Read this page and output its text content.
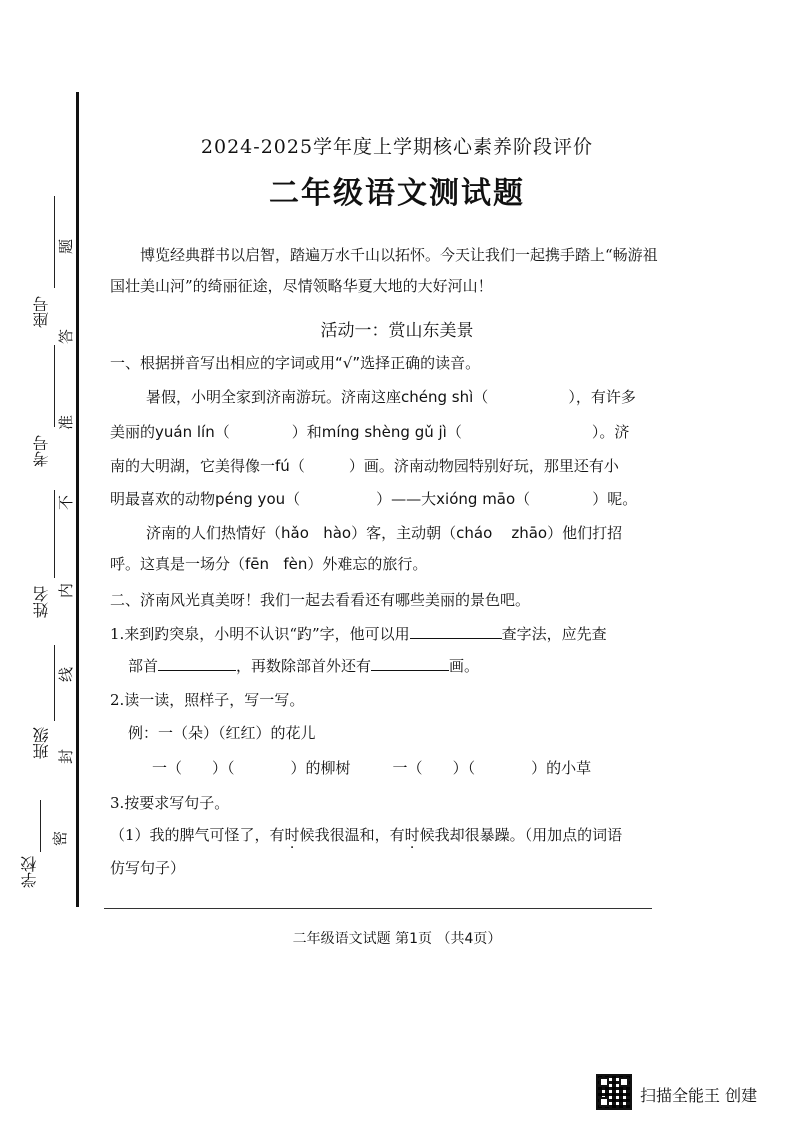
座号
考号
姓名
班级
学校
题
答
准
不
内
线
封
密
2024-2025学年度上学期核心素养阶段评价
二年级语文测试题
博览经典群书以启智，踏遍万水千山以拓怀。今天让我们一起携手踏上“畅游祖国壮美山河”的绮丽征途，尽情领略华夏大地的大好河山！
活动一：赏山东美景
一、根据拼音写出相应的字词或用“√”选择正确的读音。
暑假，小明全家到济南游玩。济南这座chéng shì（	），有许多
美丽的yuán lín（	）和míng shèng gǔ jì（	）。济
南的大明湖，它美得像一fú（	）画。济南动物园特别好玩，那里还有小
明最喜欢的动物péng you（	）——大xióng māo（	）呢。
济南的人们热情好（hǎo hào）客，主动朝（cháo zhāo）他们打招
呼。这真是一场分（fēn fèn）外难忘的旅行。
二、济南风光真美呀！我们一起去看看还有哪些美丽的景色吧。
1.来到趵突泉，小明不认识“趵”字，他可以用	查字法，应先查
部首	，再数除部首外还有	画。
2.读一读，照样子，写一写。
例：一（朵）（红红）的花儿
一（ ）（	）的柳树	一（ ）（	）的小草
3.按要求写句子。
（1）我的脾气可怪了，有时候我很温和，有时候我却很暴躁。（用加点的词语
仿写句子）
二年级语文试题 第1页 （共4页）
扫描全能王 创建
